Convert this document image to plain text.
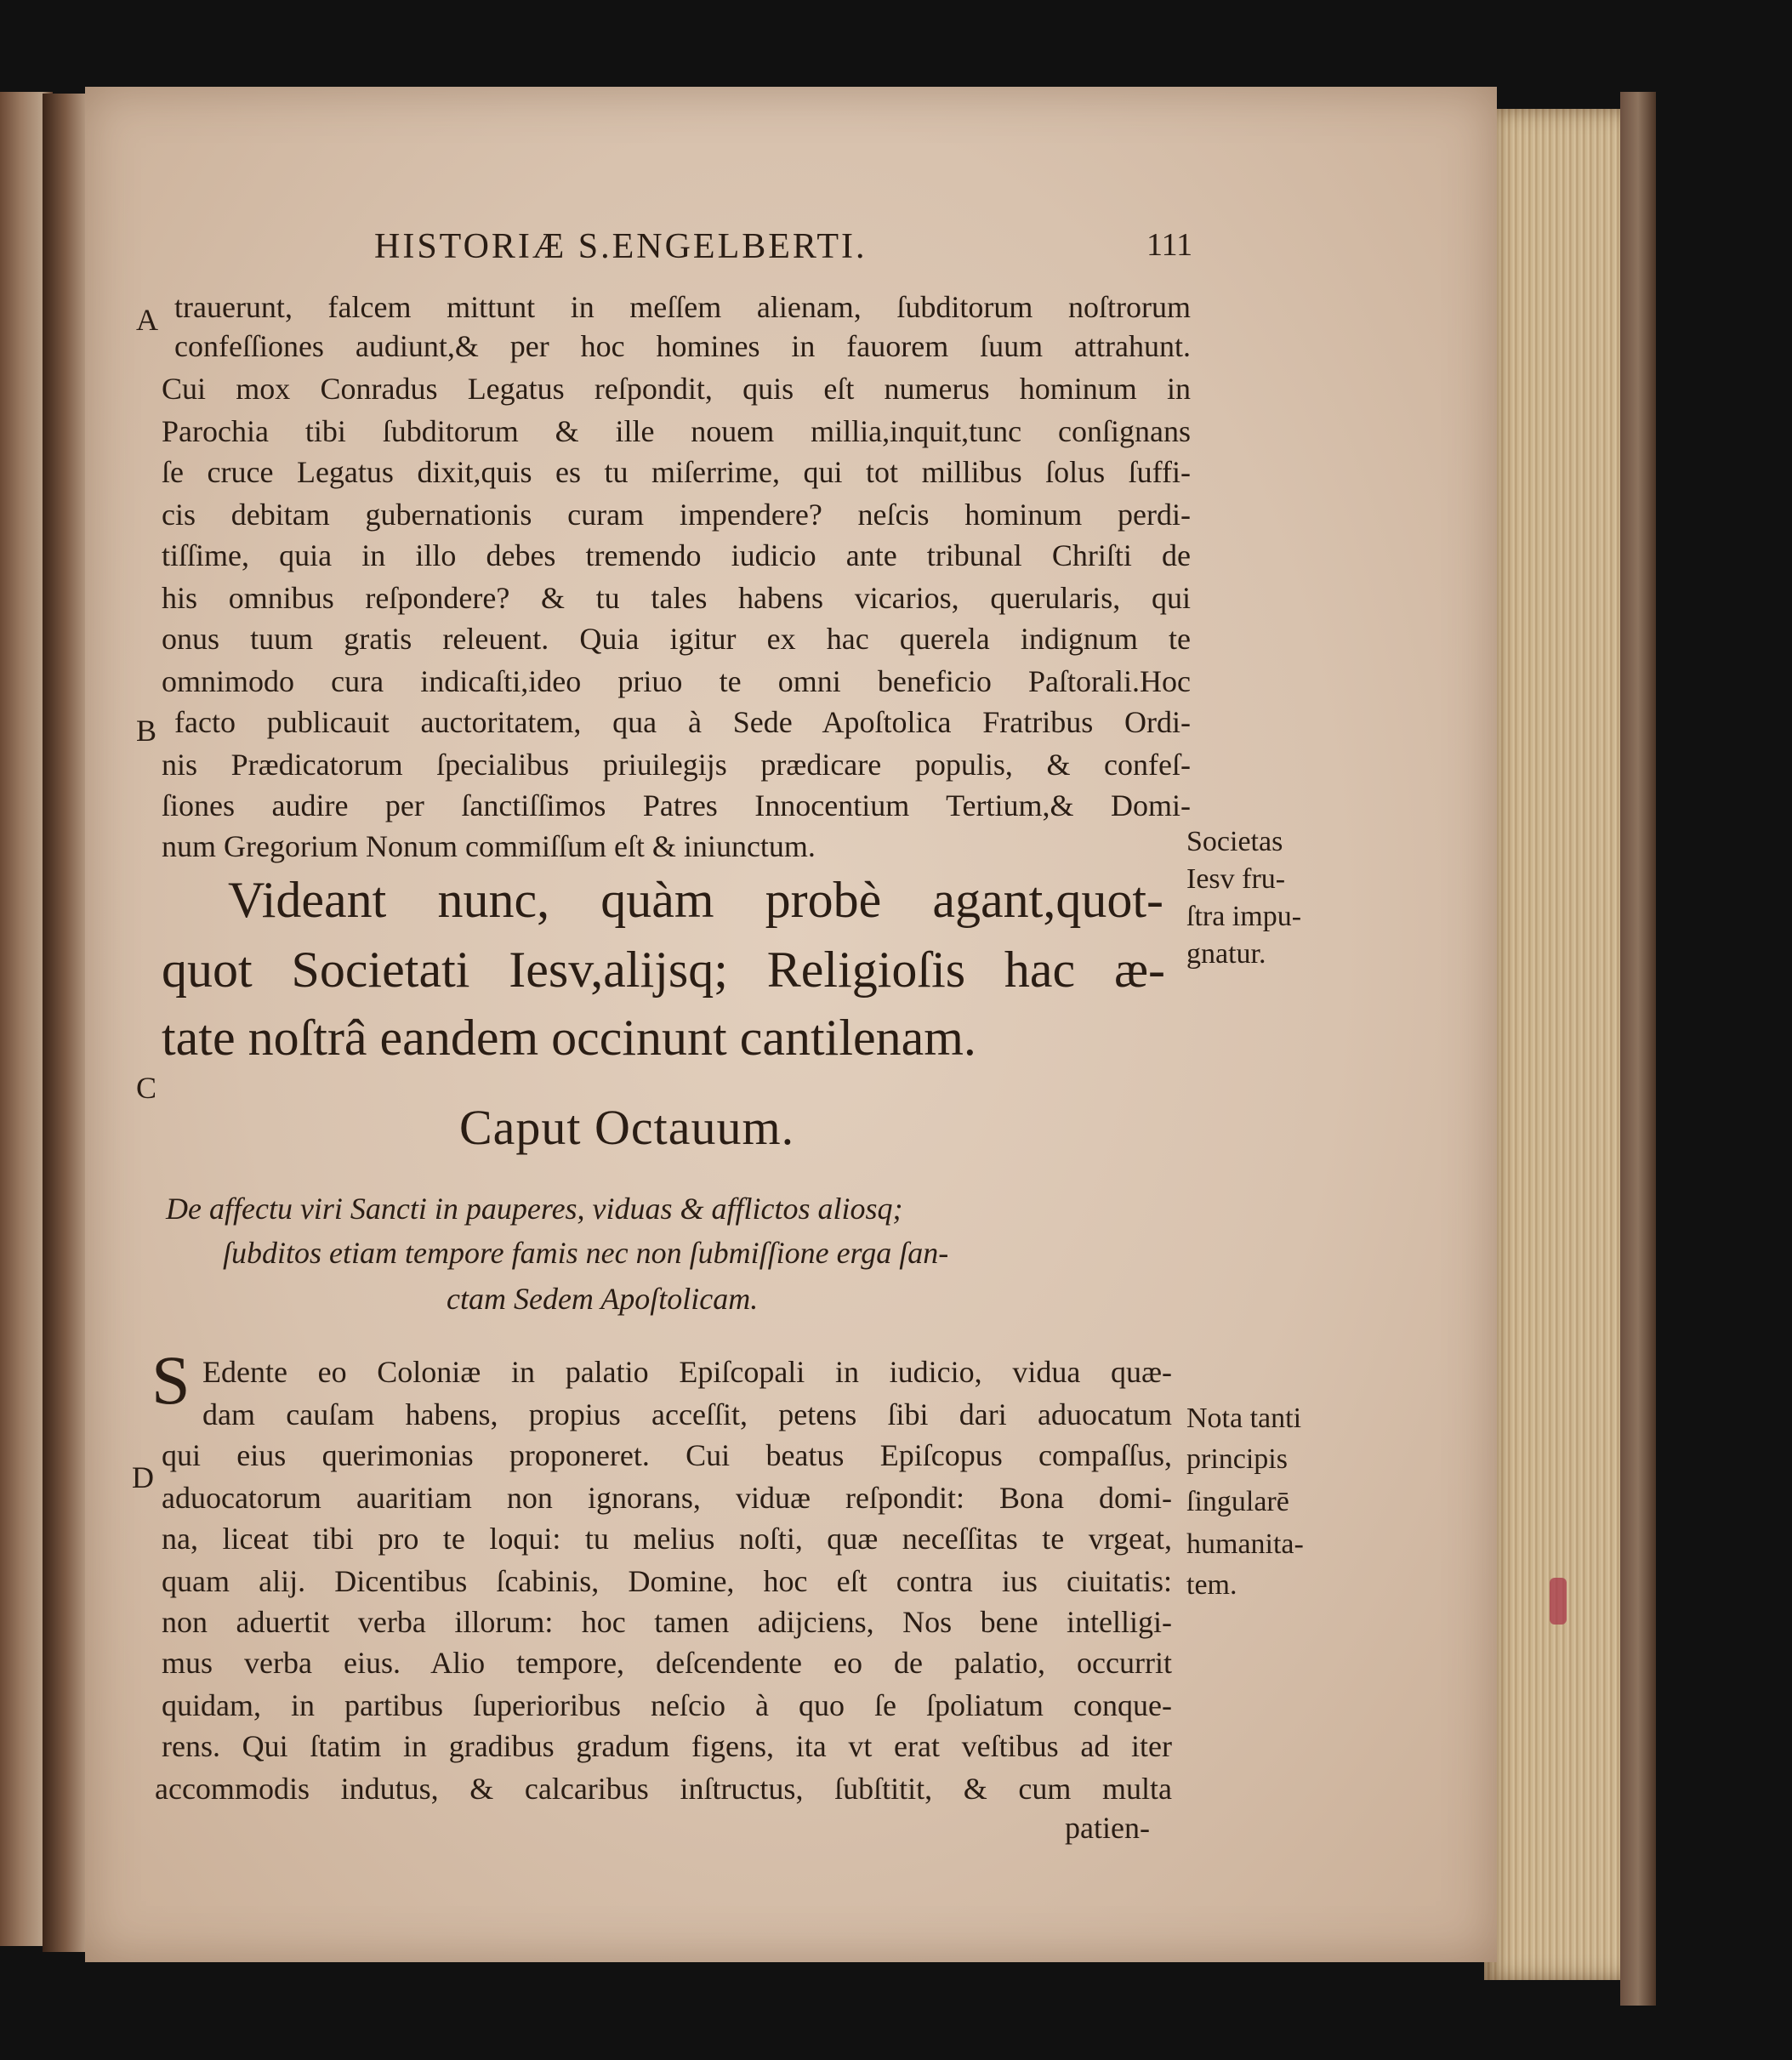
HISTORIÆ S.ENGELBERTI.	111
A
B
C
D
trauerunt, falcem mittunt in meſſem alienam, ſubditorum noſtrorum
confeſſiones audiunt,& per hoc homines in fauorem ſuum attrahunt.
Cui mox Conradus Legatus reſpondit, quis eſt numerus hominum in
Parochia tibi ſubditorum & ille nouem millia,inquit,tunc conſignans
ſe cruce Legatus dixit,quis es tu miſerrime, qui tot millibus ſolus ſuffi-
cis debitam gubernationis curam impendere? neſcis hominum perdi-
tiſſime, quia in illo debes tremendo iudicio ante tribunal Chriſti de
his omnibus reſpondere? & tu tales habens vicarios, querularis, qui
onus tuum gratis releuent. Quia igitur ex hac querela indignum te
omnimodo cura indicaſti,ideo priuo te omni beneficio Paſtorali.Hoc
facto publicauit auctoritatem, qua à Sede Apoſtolica Fratribus Ordi-
nis Prædicatorum ſpecialibus priuilegijs prædicare populis, & confeſ-
ſiones audire per ſanctiſſimos Patres Innocentium Tertium,& Domi-
num Gregorium Nonum commiſſum eſt & iniunctum.
Videant nunc, quàm probè agant,quot-
quot Societati Iesv,alijsq; Religioſis hac æ-
tate noſtrâ eandem occinunt cantilenam.
Societas
Iesv fru-
ſtra impu-
gnatur.
Caput Octauum.
De affectu viri Sancti in pauperes, viduas & afflictos aliosq;
ſubditos etiam tempore famis nec non ſubmiſſione erga ſan-
ctam Sedem Apoſtolicam.
S Edente eo Coloniæ in palatio Epiſcopali in iudicio, vidua quæ-
dam cauſam habens, propius acceſſit, petens ſibi dari aduocatum
qui eius querimonias proponeret. Cui beatus Epiſcopus compaſſus,
aduocatorum auaritiam non ignorans, viduæ reſpondit: Bona domi-
na, liceat tibi pro te loqui: tu melius noſti, quæ neceſſitas te vrgeat,
quam alij. Dicentibus ſcabinis, Domine, hoc eſt contra ius ciuitatis:
non aduertit verba illorum: hoc tamen adijciens, Nos bene intelligi-
mus verba eius. Alio tempore, deſcendente eo de palatio, occurrit
quidam, in partibus ſuperioribus neſcio à quo ſe ſpoliatum conque-
rens. Qui ſtatim in gradibus gradum figens, ita vt erat veſtibus ad iter
accommodis indutus, & calcaribus inſtructus, ſubſtitit, & cum multa
patien-
Nota tanti
principis
ſingularē
humanita-
tem.
